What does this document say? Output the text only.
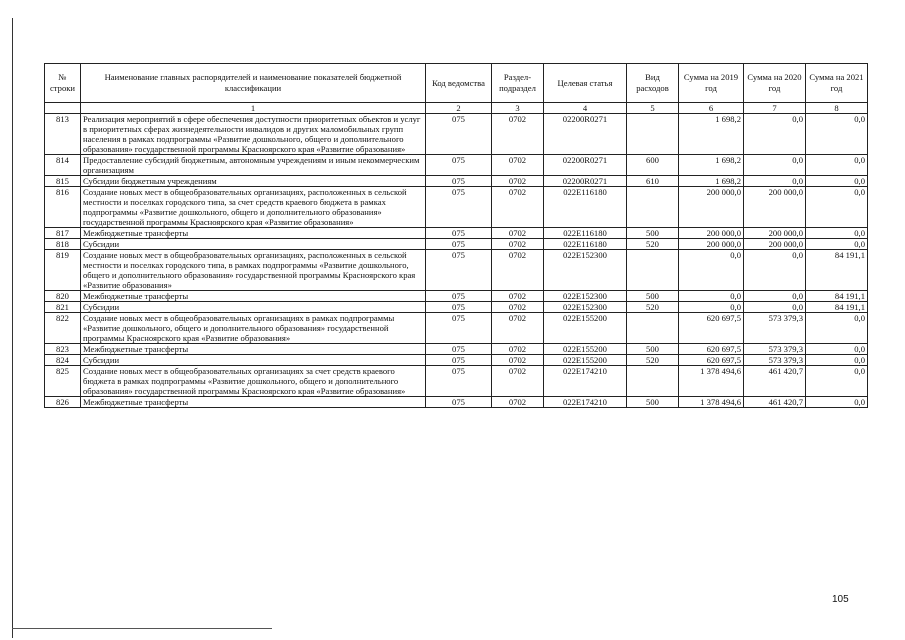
№ строки	Наименование главных распорядителей и наименование показателей бюджетной классификации	Код ведомства	Раздел-подраздел	Целевая статья	Вид расходов	Сумма на 2019 год	Сумма на 2020 год	Сумма на 2021 год
	1	2	3	4	5	6	7	8
813	Реализация мероприятий в сфере обеспечения доступности приоритетных объектов и услуг в приоритетных сферах жизнедеятельности инвалидов и других маломобильных групп населения в рамках подпрограммы «Развитие дошкольного, общего и дополнительного образования» государственной программы Красноярского края «Развитие образования»	075	0702	02200R0271		1 698,2	0,0	0,0
814	Предоставление субсидий бюджетным, автономным учреждениям и иным некоммерческим организациям	075	0702	02200R0271	600	1 698,2	0,0	0,0
815	Субсидии бюджетным учреждениям	075	0702	02200R0271	610	1 698,2	0,0	0,0
816	Создание новых мест в общеобразовательных организациях, расположенных в сельской местности и поселках городского типа, за счет средств краевого бюджета в рамках подпрограммы «Развитие дошкольного, общего и дополнительного образования» государственной программы Красноярского края «Развитие образования»	075	0702	022E116180		200 000,0	200 000,0	0,0
817	Межбюджетные трансферты	075	0702	022E116180	500	200 000,0	200 000,0	0,0
818	Субсидии	075	0702	022E116180	520	200 000,0	200 000,0	0,0
819	Создание новых мест в общеобразовательных организациях, расположенных в сельской местности и поселках городского типа, в рамках подпрограммы «Развитие дошкольного, общего и дополнительного образования» государственной программы Красноярского края «Развитие образования»	075	0702	022E152300		0,0	0,0	84 191,1
820	Межбюджетные трансферты	075	0702	022E152300	500	0,0	0,0	84 191,1
821	Субсидии	075	0702	022E152300	520	0,0	0,0	84 191,1
822	Создание новых мест в общеобразовательных организациях в рамках подпрограммы «Развитие дошкольного, общего и дополнительного образования» государственной программы Красноярского края «Развитие образования»	075	0702	022E155200		620 697,5	573 379,3	0,0
823	Межбюджетные трансферты	075	0702	022E155200	500	620 697,5	573 379,3	0,0
824	Субсидии	075	0702	022E155200	520	620 697,5	573 379,3	0,0
825	Создание новых мест в общеобразовательных организациях за счет средств краевого бюджета в рамках подпрограммы «Развитие дошкольного, общего и дополнительного образования» государственной программы Красноярского края «Развитие образования»	075	0702	022E174210		1 378 494,6	461 420,7	0,0
826	Межбюджетные трансферты	075	0702	022E174210	500	1 378 494,6	461 420,7	0,0
105
